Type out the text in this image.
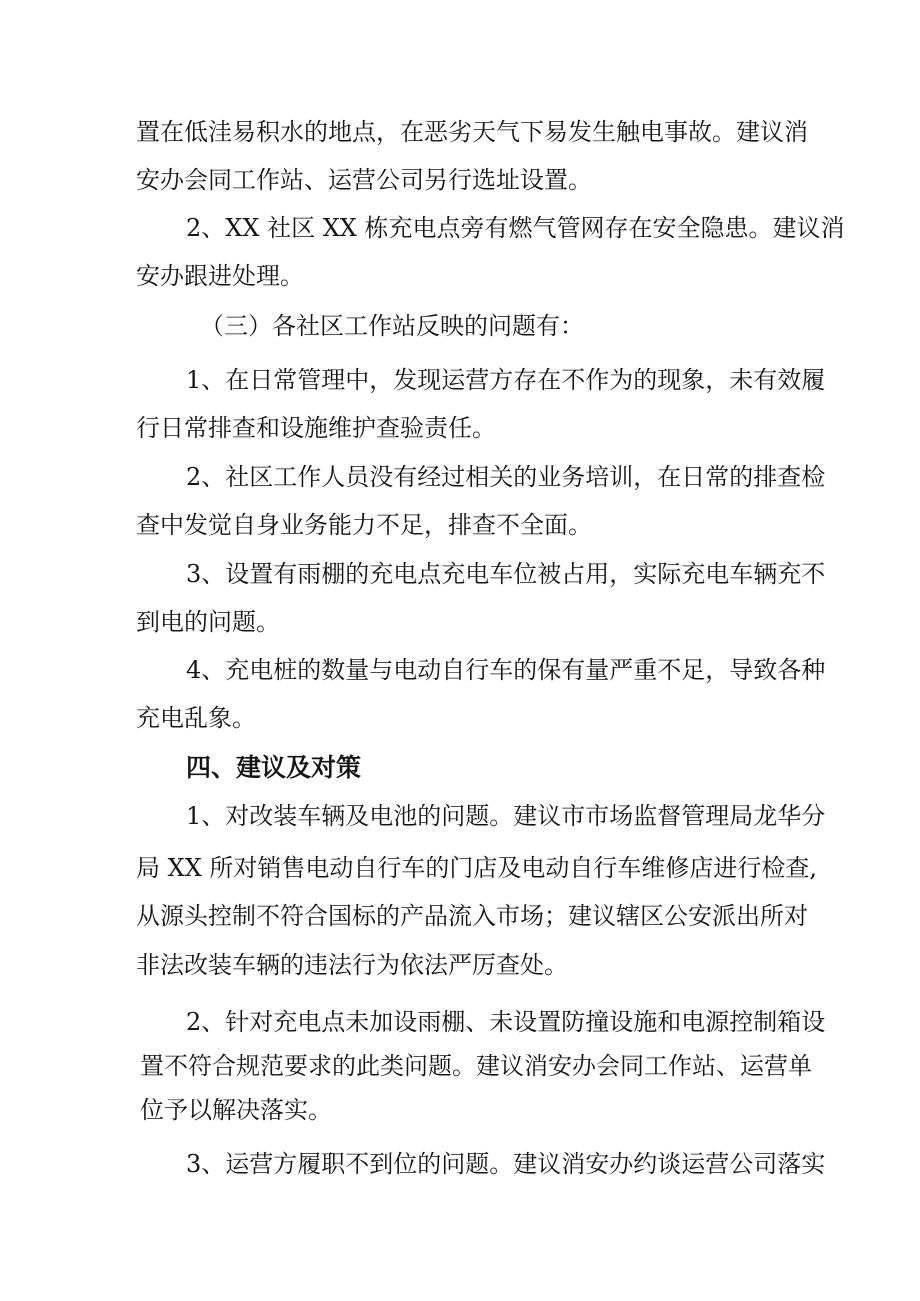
置在低洼易积水的地点，在恶劣天气下易发生触电事故。建议消
安办会同工作站、运营公司另行选址设置。
2、XX 社区 XX 栋充电点旁有燃气管网存在安全隐患。建议消
安办跟进处理。
（三）各社区工作站反映的问题有：
1、在日常管理中，发现运营方存在不作为的现象，未有效履
行日常排查和设施维护查验责任。
2、社区工作人员没有经过相关的业务培训，在日常的排查检
查中发觉自身业务能力不足，排查不全面。
3、设置有雨棚的充电点充电车位被占用，实际充电车辆充不
到电的问题。
4、充电桩的数量与电动自行车的保有量严重不足，导致各种
充电乱象。
四、建议及对策
1、对改装车辆及电池的问题。建议市市场监督管理局龙华分
局 XX 所对销售电动自行车的门店及电动自行车维修店进行检查,
从源头控制不符合国标的产品流入市场；建议辖区公安派出所对
非法改装车辆的违法行为依法严厉查处。
2、针对充电点未加设雨棚、未设置防撞设施和电源控制箱设
置不符合规范要求的此类问题。建议消安办会同工作站、运营单
位予以解决落实。
3、运营方履职不到位的问题。建议消安办约谈运营公司落实
